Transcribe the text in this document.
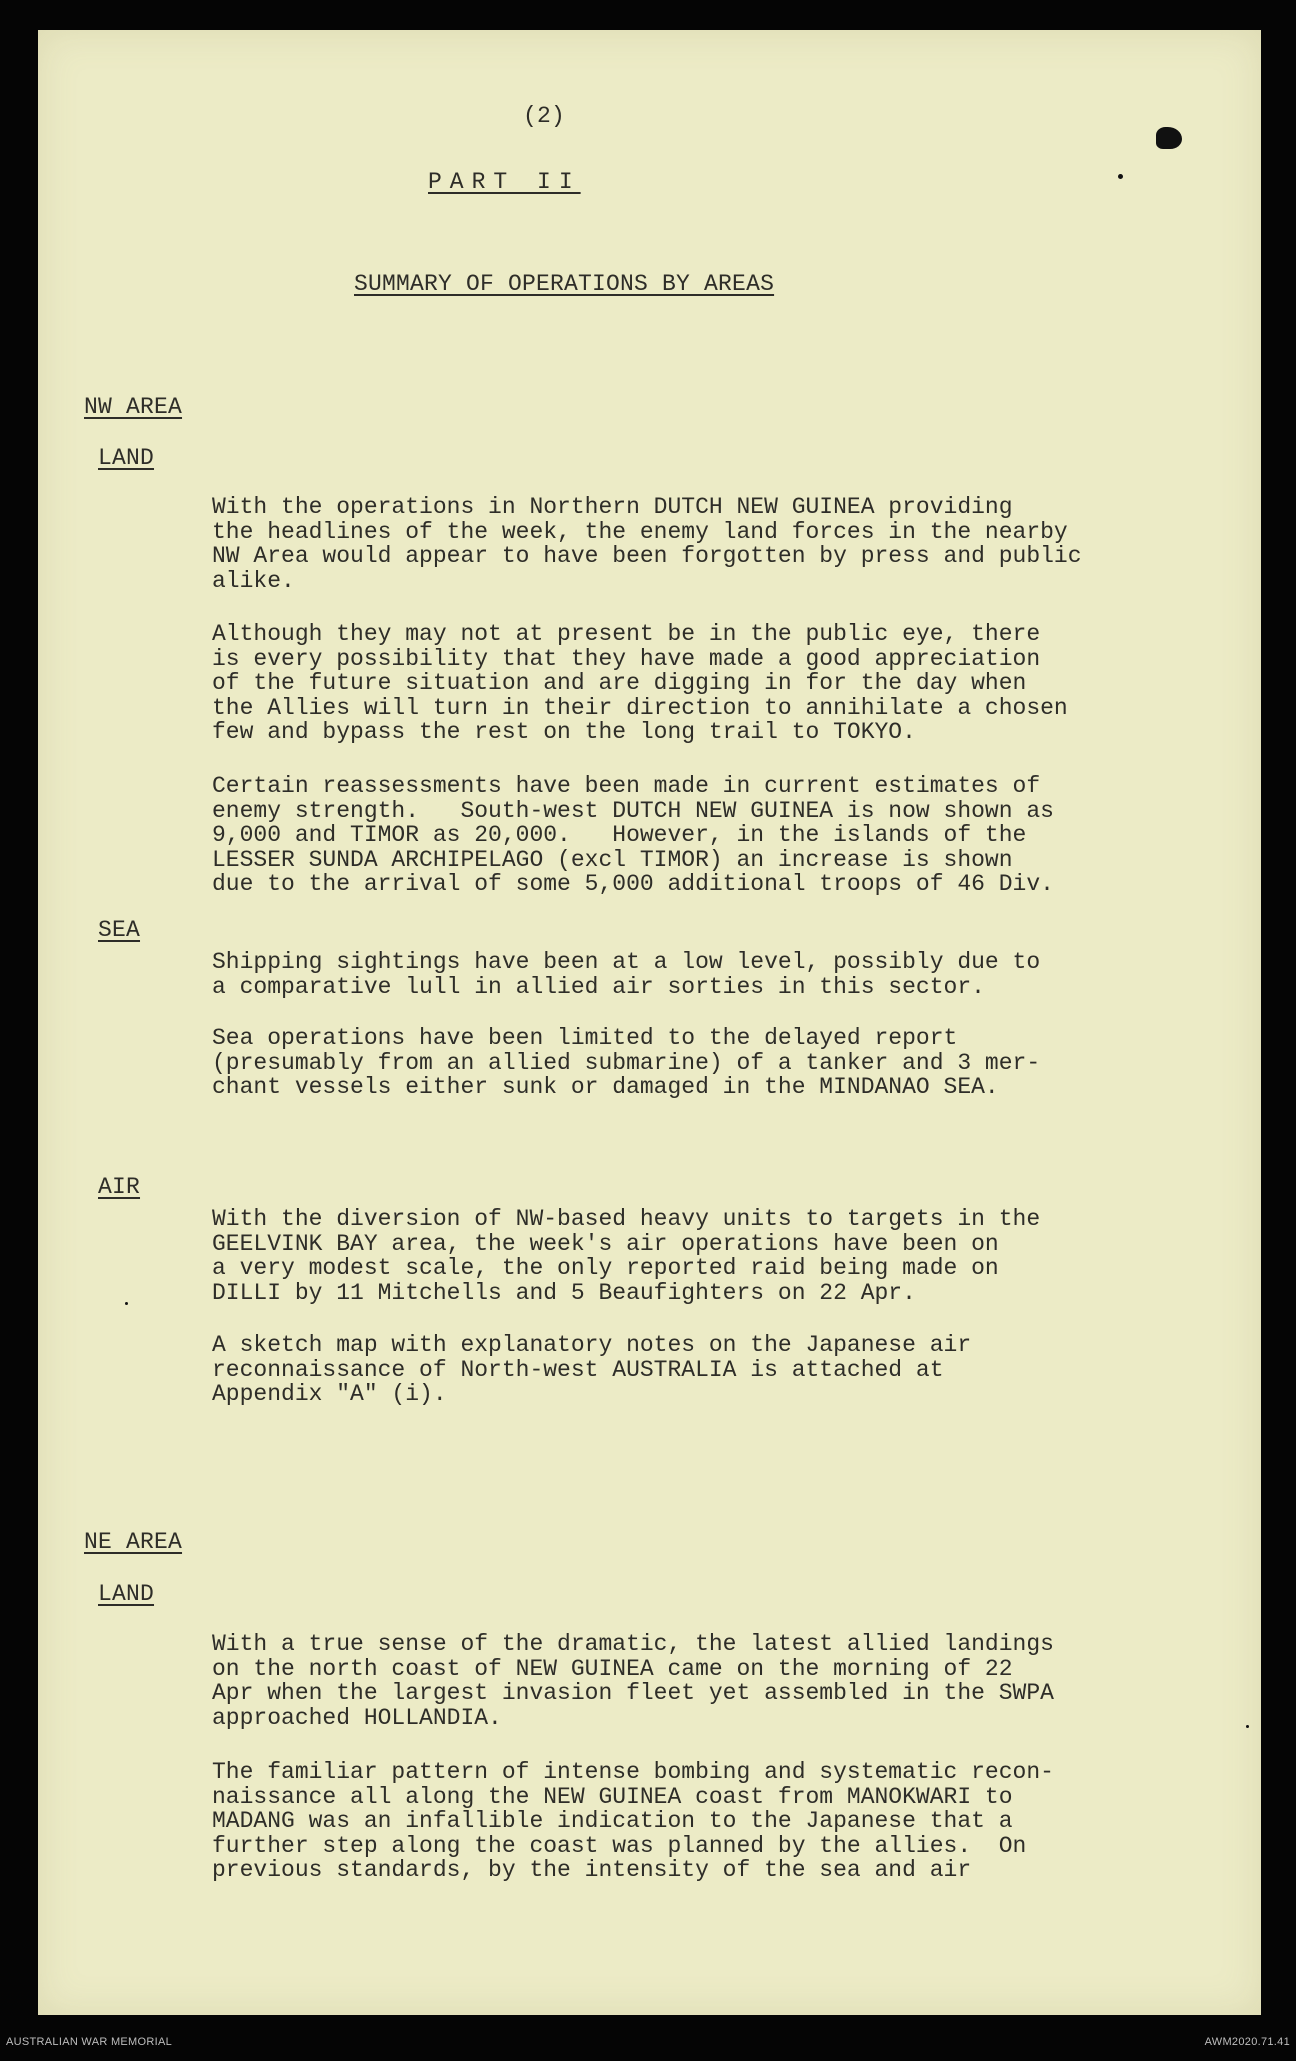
(2)
PART II
SUMMARY OF OPERATIONS BY AREAS
NW AREA
LAND
With the operations in Northern DUTCH NEW GUINEA providing
the headlines of the week, the enemy land forces in the nearby
NW Area would appear to have been forgotten by press and public
alike.
Although they may not at present be in the public eye, there
is every possibility that they have made a good appreciation
of the future situation and are digging in for the day when
the Allies will turn in their direction to annihilate a chosen
few and bypass the rest on the long trail to TOKYO.
Certain reassessments have been made in current estimates of
enemy strength.   South-west DUTCH NEW GUINEA is now shown as
9,000 and TIMOR as 20,000.   However, in the islands of the
LESSER SUNDA ARCHIPELAGO (excl TIMOR) an increase is shown
due to the arrival of some 5,000 additional troops of 46 Div.
SEA
Shipping sightings have been at a low level, possibly due to
a comparative lull in allied air sorties in this sector.
Sea operations have been limited to the delayed report
(presumably from an allied submarine) of a tanker and 3 mer-
chant vessels either sunk or damaged in the MINDANAO SEA.
AIR
With the diversion of NW-based heavy units to targets in the
GEELVINK BAY area, the week's air operations have been on
a very modest scale, the only reported raid being made on
DILLI by 11 Mitchells and 5 Beaufighters on 22 Apr.
A sketch map with explanatory notes on the Japanese air
reconnaissance of North-west AUSTRALIA is attached at
Appendix "A" (i).
NE AREA
LAND
With a true sense of the dramatic, the latest allied landings
on the north coast of NEW GUINEA came on the morning of 22
Apr when the largest invasion fleet yet assembled in the SWPA
approached HOLLANDIA.
The familiar pattern of intense bombing and systematic recon-
naissance all along the NEW GUINEA coast from MANOKWARI to
MADANG was an infallible indication to the Japanese that a
further step along the coast was planned by the allies.  On
previous standards, by the intensity of the sea and air
AUSTRALIAN WAR MEMORIAL	AWM2020.71.41
